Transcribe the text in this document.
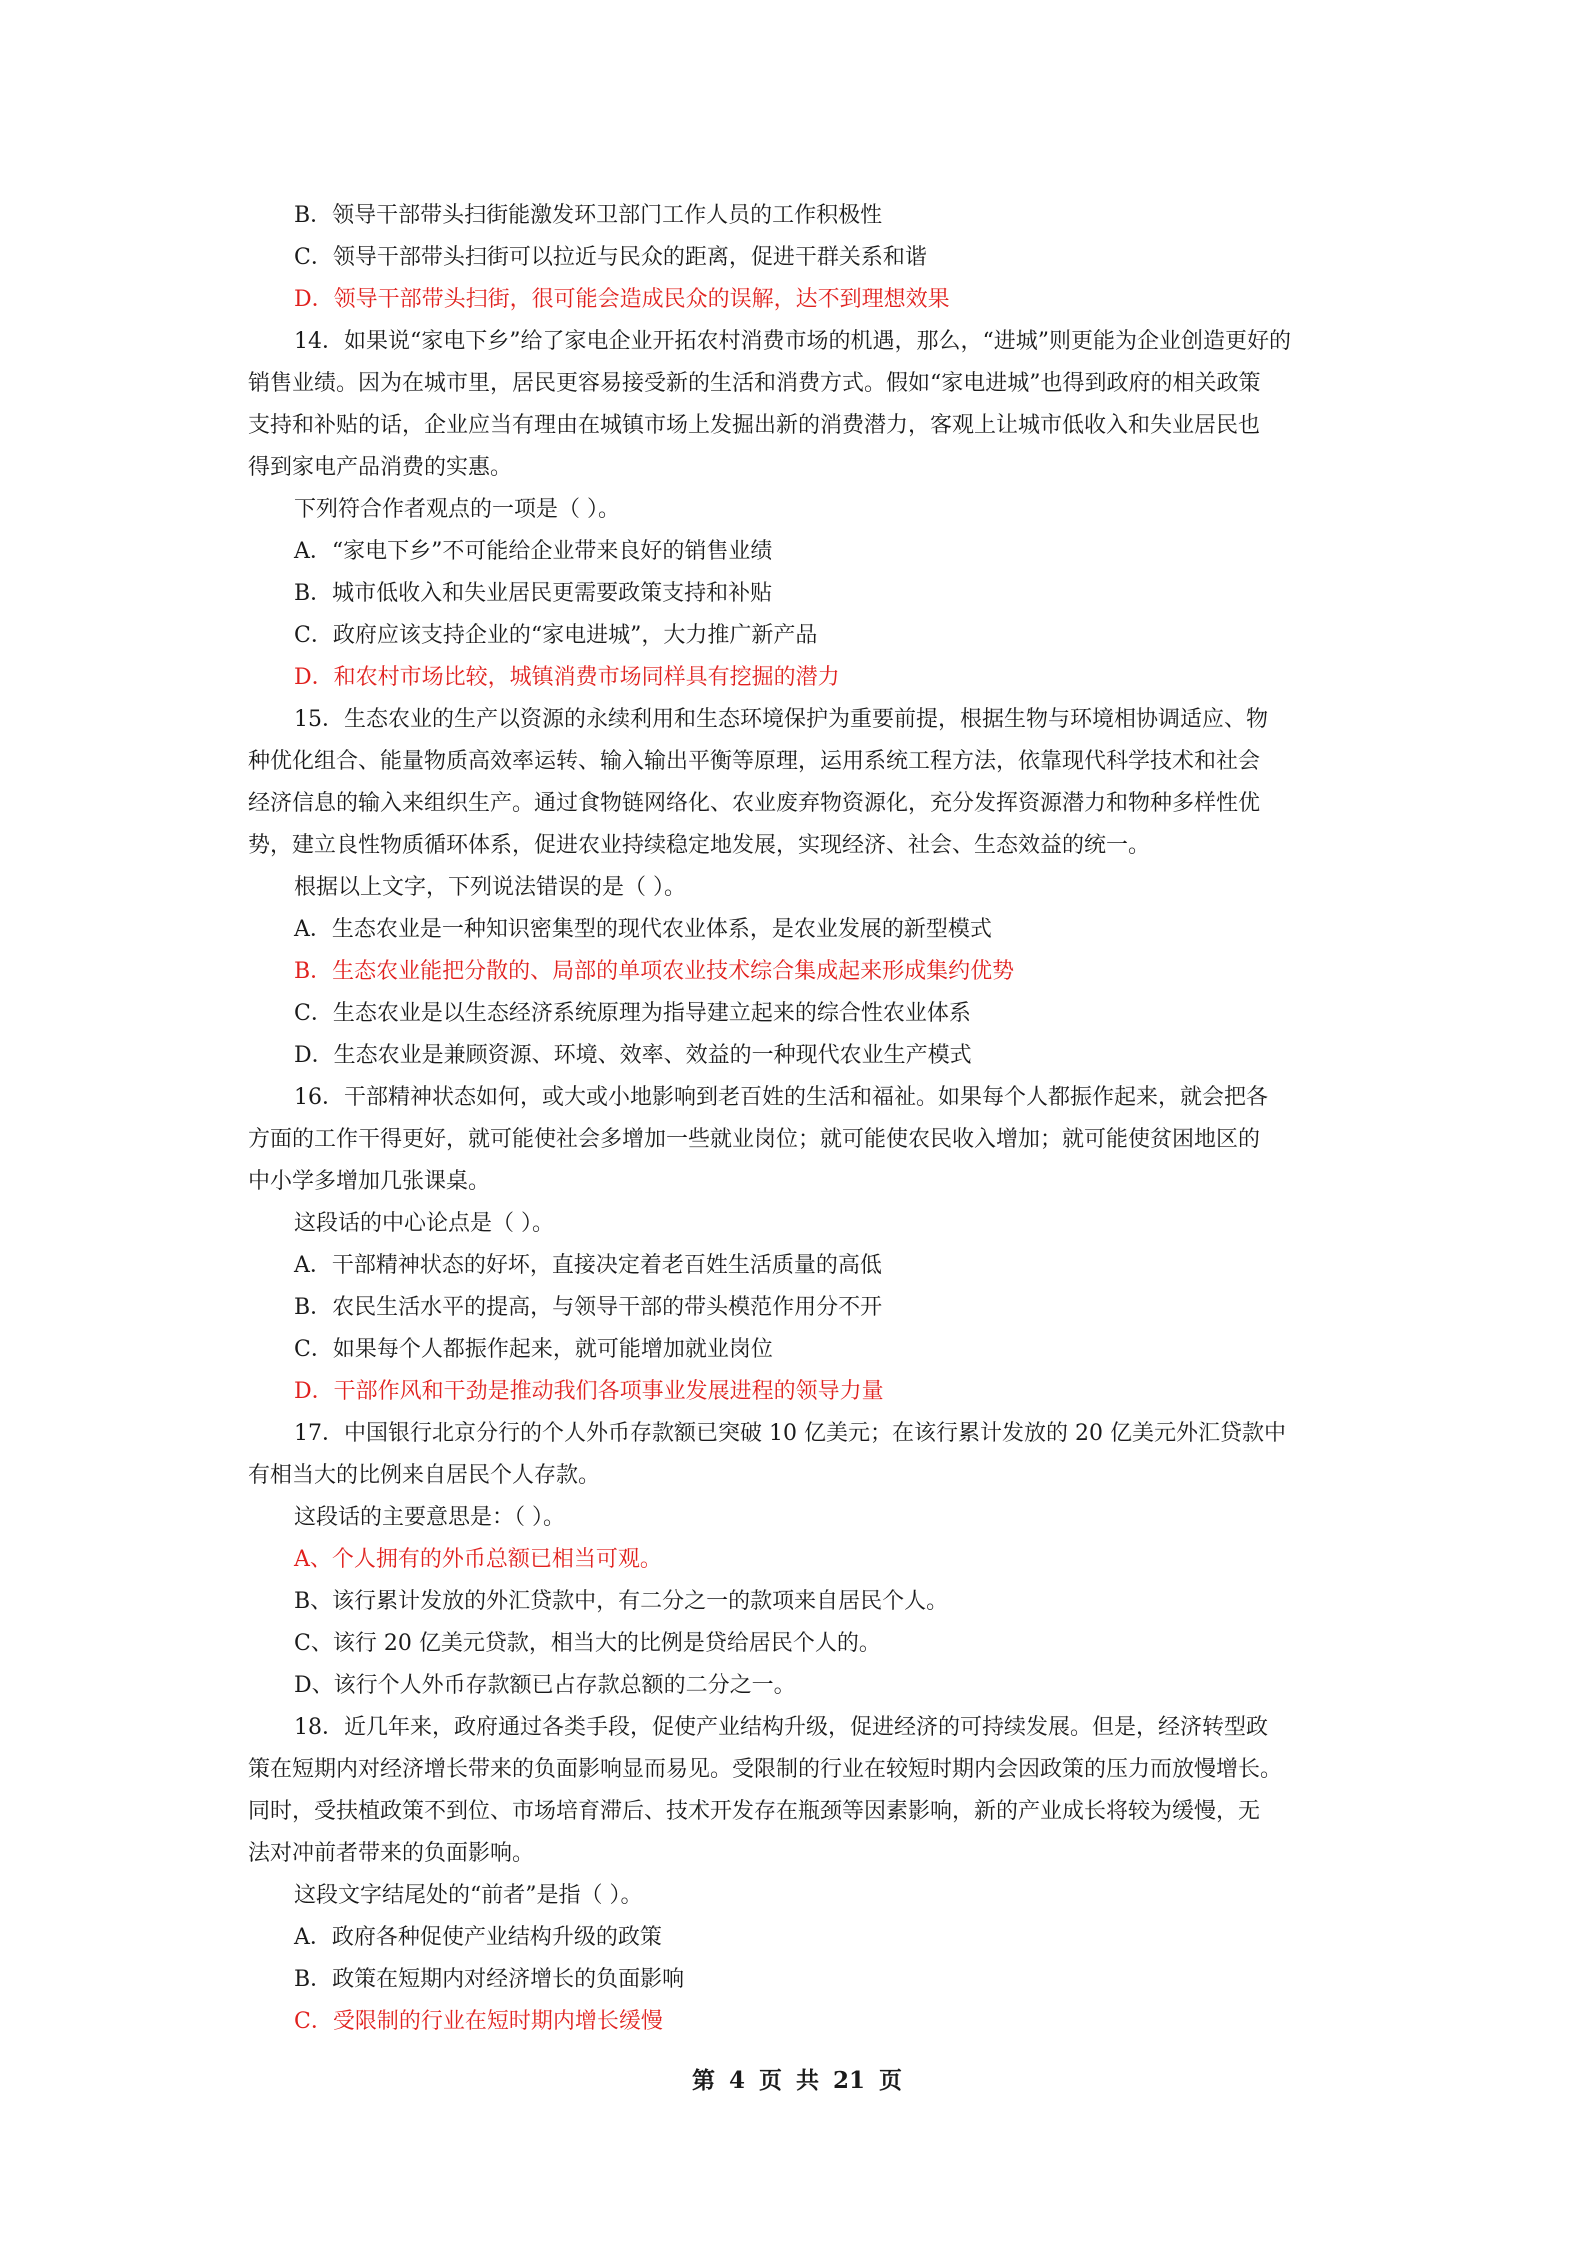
B．领导干部带头扫街能激发环卫部门工作人员的工作积极性
C．领导干部带头扫街可以拉近与民众的距离，促进干群关系和谐
D．领导干部带头扫街，很可能会造成民众的误解，达不到理想效果
14．如果说“家电下乡”给了家电企业开拓农村消费市场的机遇，那么，“进城”则更能为企业创造更好的
销售业绩。因为在城市里，居民更容易接受新的生活和消费方式。假如“家电进城”也得到政府的相关政策
支持和补贴的话，企业应当有理由在城镇市场上发掘出新的消费潜力，客观上让城市低收入和失业居民也
得到家电产品消费的实惠。
下列符合作者观点的一项是（ ）。
A．“家电下乡”不可能给企业带来良好的销售业绩
B．城市低收入和失业居民更需要政策支持和补贴
C．政府应该支持企业的“家电进城”，大力推广新产品
D．和农村市场比较，城镇消费市场同样具有挖掘的潜力
15．生态农业的生产以资源的永续利用和生态环境保护为重要前提，根据生物与环境相协调适应、物
种优化组合、能量物质高效率运转、输入输出平衡等原理，运用系统工程方法，依靠现代科学技术和社会
经济信息的输入来组织生产。通过食物链网络化、农业废弃物资源化，充分发挥资源潜力和物种多样性优
势，建立良性物质循环体系，促进农业持续稳定地发展，实现经济、社会、生态效益的统一。
根据以上文字，下列说法错误的是（ ）。
A．生态农业是一种知识密集型的现代农业体系，是农业发展的新型模式
B．生态农业能把分散的、局部的单项农业技术综合集成起来形成集约优势
C．生态农业是以生态经济系统原理为指导建立起来的综合性农业体系
D．生态农业是兼顾资源、环境、效率、效益的一种现代农业生产模式
16．干部精神状态如何，或大或小地影响到老百姓的生活和福祉。如果每个人都振作起来，就会把各
方面的工作干得更好，就可能使社会多增加一些就业岗位；就可能使农民收入增加；就可能使贫困地区的
中小学多增加几张课桌。
这段话的中心论点是（ ）。
A．干部精神状态的好坏，直接决定着老百姓生活质量的高低
B．农民生活水平的提高，与领导干部的带头模范作用分不开
C．如果每个人都振作起来，就可能增加就业岗位
D．干部作风和干劲是推动我们各项事业发展进程的领导力量
17．中国银行北京分行的个人外币存款额已突破 10 亿美元；在该行累计发放的 20 亿美元外汇贷款中
有相当大的比例来自居民个人存款。
这段话的主要意思是：（ ）。
A、个人拥有的外币总额已相当可观。
B、该行累计发放的外汇贷款中，有二分之一的款项来自居民个人。
C、该行 20 亿美元贷款，相当大的比例是贷给居民个人的。
D、该行个人外币存款额已占存款总额的二分之一。
18．近几年来，政府通过各类手段，促使产业结构升级，促进经济的可持续发展。但是，经济转型政
策在短期内对经济增长带来的负面影响显而易见。受限制的行业在较短时期内会因政策的压力而放慢增长。
同时，受扶植政策不到位、市场培育滞后、技术开发存在瓶颈等因素影响，新的产业成长将较为缓慢，无
法对冲前者带来的负面影响。
这段文字结尾处的“前者”是指（ ）。
A．政府各种促使产业结构升级的政策
B．政策在短期内对经济增长的负面影响
C．受限制的行业在短时期内增长缓慢
第 4 页 共 21 页
